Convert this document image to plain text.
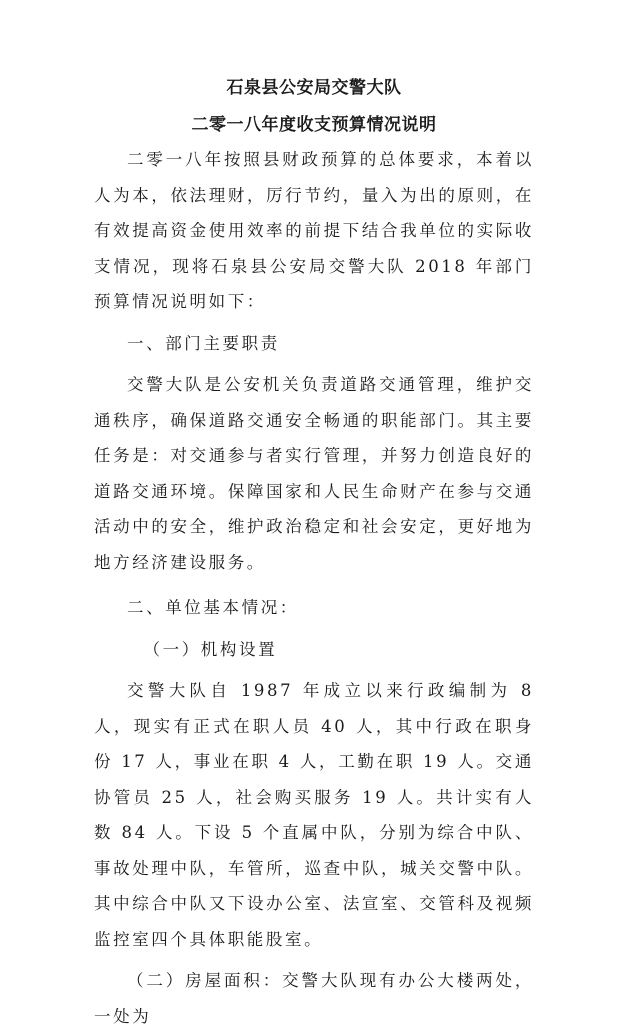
石泉县公安局交警大队
二零一八年度收支预算情况说明

二零一八年按照县财政预算的总体要求，本着以人为本，依法理财，厉行节约，量入为出的原则，在有效提高资金使用效率的前提下结合我单位的实际收支情况，现将石泉县公安局交警大队 2018 年部门预算情况说明如下：

一、部门主要职责

交警大队是公安机关负责道路交通管理，维护交通秩序，确保道路交通安全畅通的职能部门。其主要任务是：对交通参与者实行管理，并努力创造良好的道路交通环境。保障国家和人民生命财产在参与交通活动中的安全，维护政治稳定和社会安定，更好地为地方经济建设服务。

二、单位基本情况：

（一）机构设置

交警大队自 1987 年成立以来行政编制为 8 人，现实有正式在职人员 40 人，其中行政在职身份 17 人，事业在职 4 人，工勤在职 19 人。交通协管员 25 人，社会购买服务 19 人。共计实有人数 84 人。下设 5 个直属中队，分别为综合中队、事故处理中队，车管所，巡查中队，城关交警中队。其中综合中队又下设办公室、法宣室、交管科及视频监控室四个具体职能股室。

（二）房屋面积：交警大队现有办公大楼两处，一处为
